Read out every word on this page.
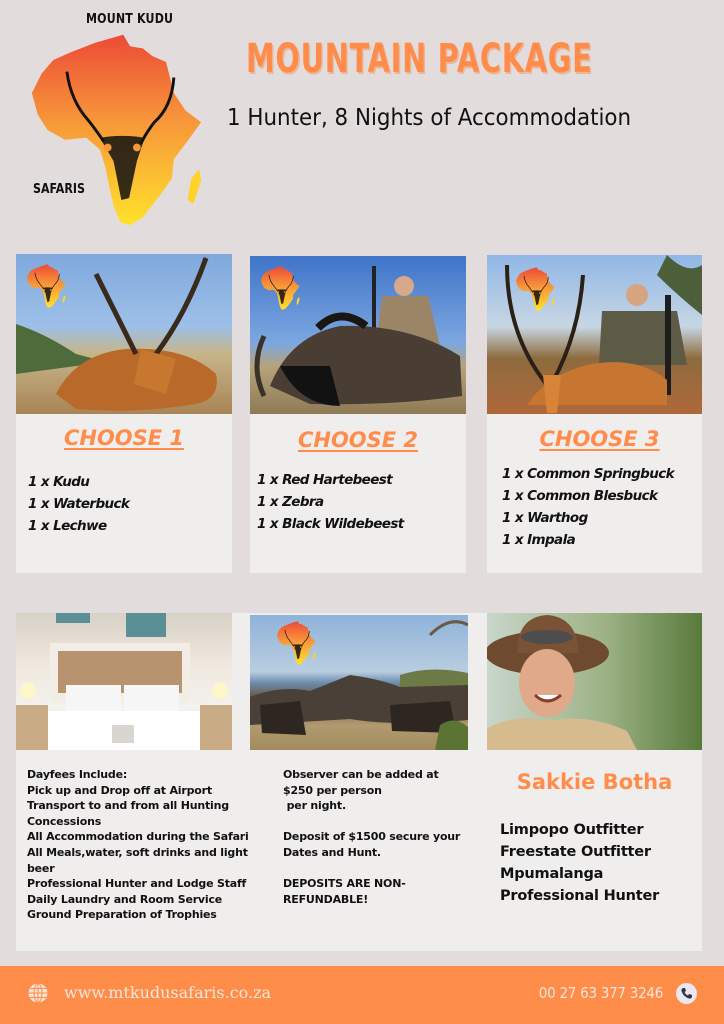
MOUNT KUDU
SAFARIS
MOUNTAIN PACKAGE
1 Hunter, 8 Nights of Accommodation
CHOOSE 1
1 x Kudu
1 x Waterbuck
1 x Lechwe
CHOOSE 2
1 x Red Hartebeest
1 x Zebra
1 x Black Wildebeest
CHOOSE 3
1 x Common Springbuck
1 x Common Blesbuck
1 x Warthog
1 x Impala
Dayfees Include:
Pick up and Drop off at Airport
Transport to and from all Hunting
Concessions
All Accommodation during the Safari
All Meals,water, soft drinks and light
beer
Professional Hunter and Lodge Staff
Daily Laundry and Room Service
Ground Preparation of Trophies
Observer can be added at
$250 per person
per night.
Deposit of $1500 secure your
Dates and Hunt.
DEPOSITS ARE NON-
REFUNDABLE!
Sakkie Botha
Limpopo Outfitter
Freestate Outfitter
Mpumalanga
Professional Hunter
www.mtkudusafaris.co.za	00 27 63 377 3246
